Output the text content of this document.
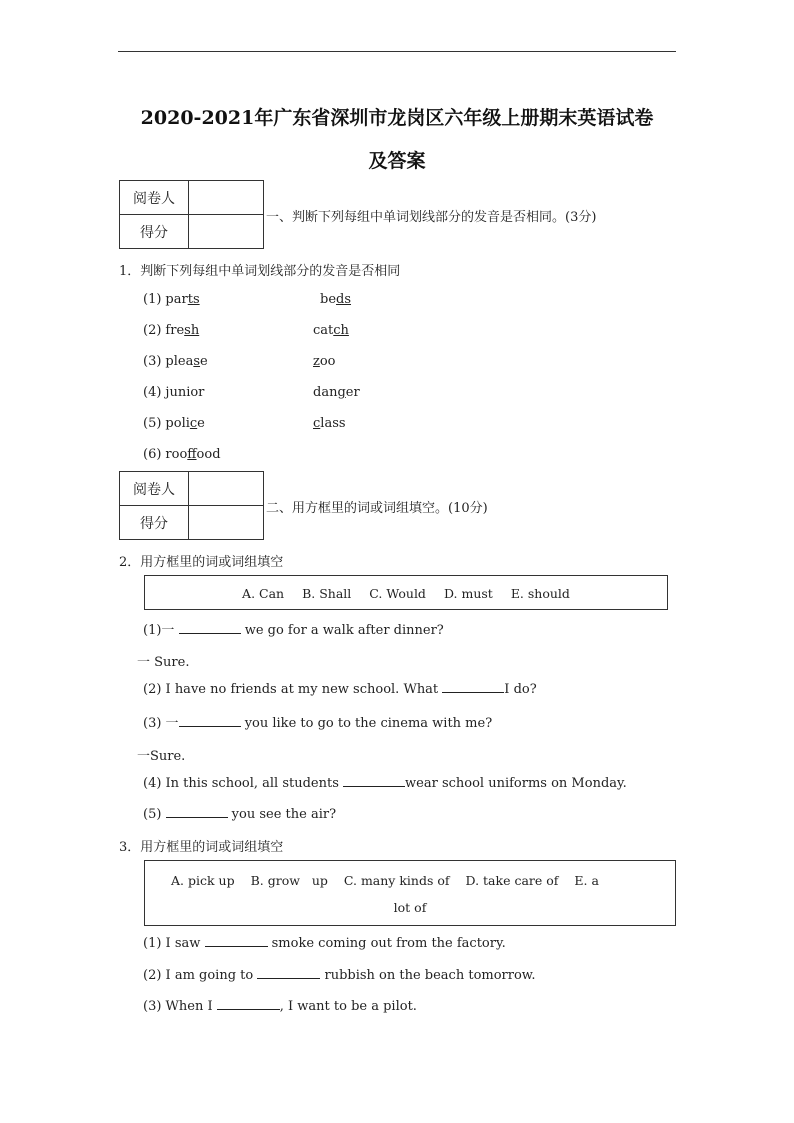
2020-2021年广东省深圳市龙岗区六年级上册期末英语试卷
及答案
阅卷人	
得分	
一、判断下列每组中单词划线部分的发音是否相同。(3分)
1．判断下列每组中单词划线部分的发音是否相同
(1) parts	beds
(2) fresh	catch
(3) please	zoo
(4) junior	danger
(5) police	class
(6) rooffood
阅卷人	
得分	
二、用方框里的词或词组填空。(10分)
2．用方框里的词或词组填空
A. Can B. Shall C. Would D. must E. should
(1)一	we go for a walk after dinner?
一 Sure.
(2) I have no friends at my new school. What	I do?
(3) 一	you like to go to the cinema with me?
一Sure.
(4) In this school, all students	wear school uniforms on Monday.
(5)	you see the air?
3．用方框里的词或词组填空
A. pick up B. grow   up C. many kinds of D. take care of E. a
lot of
(1) I saw	smoke coming out from the factory.
(2) I am going to	rubbish on the beach tomorrow.
(3) When I	, I want to be a pilot.
